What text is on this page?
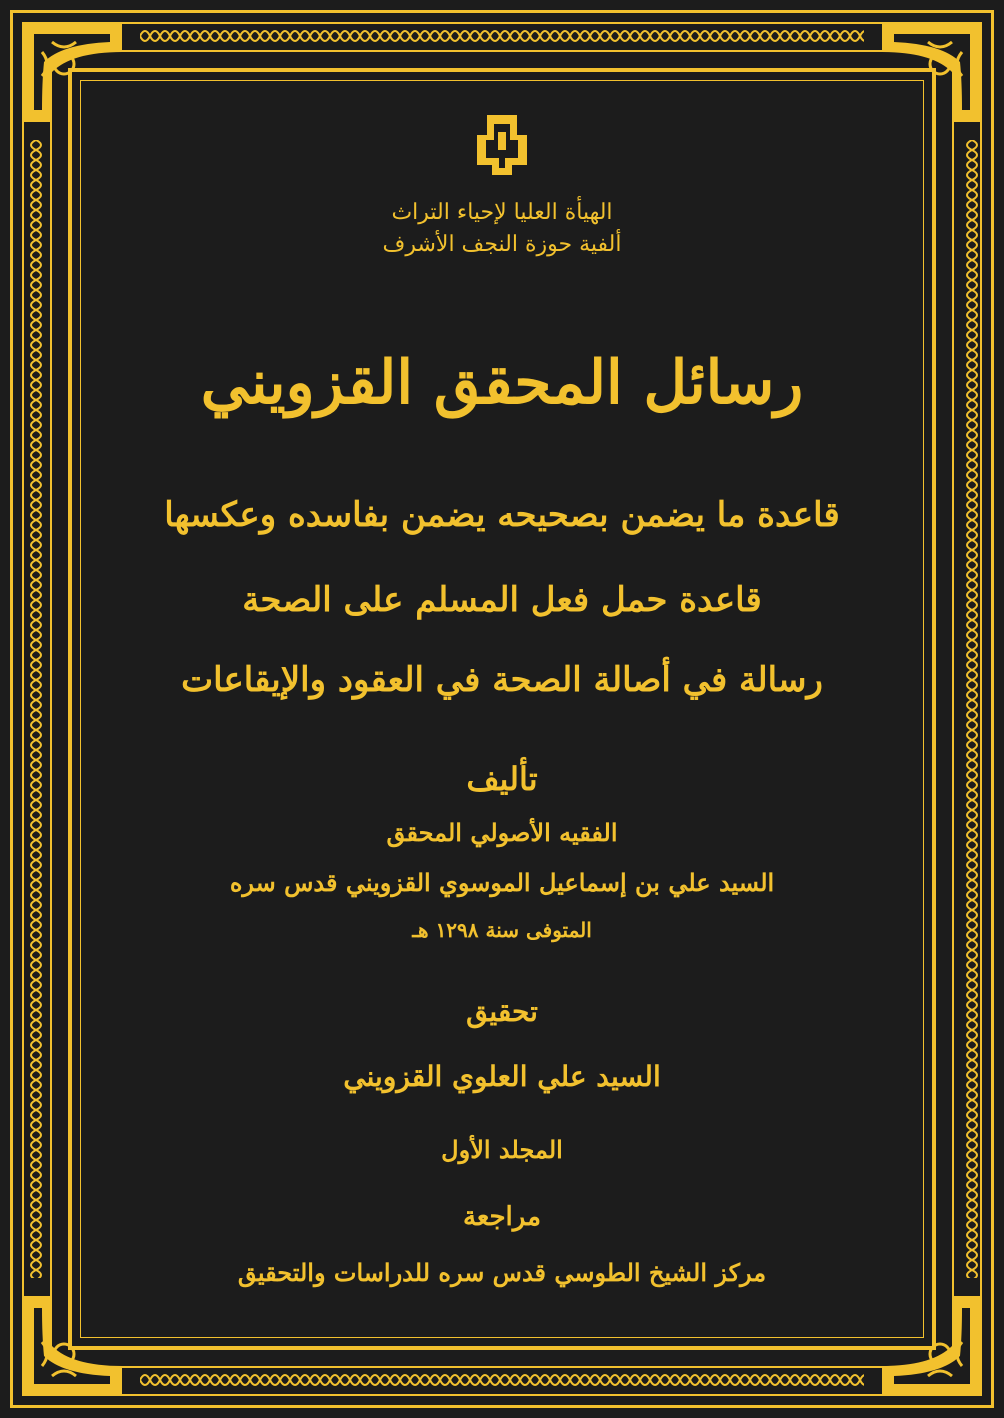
الهيأة العليا لإحياء التراث
ألفية حوزة النجف الأشرف
رسائل المحقق القزويني
قاعدة ما يضمن بصحيحه يضمن بفاسده وعكسها
قاعدة حمل فعل المسلم على الصحة
رسالة في أصالة الصحة في العقود والإيقاعات
تأليف
الفقيه الأصولي المحقق
السيد علي بن إسماعيل الموسوي القزويني قدس سره
المتوفى سنة ١٢٩٨ هـ
تحقيق
السيد علي العلوي القزويني
المجلد الأول
مراجعة
مركز الشيخ الطوسي قدس سره للدراسات والتحقيق
